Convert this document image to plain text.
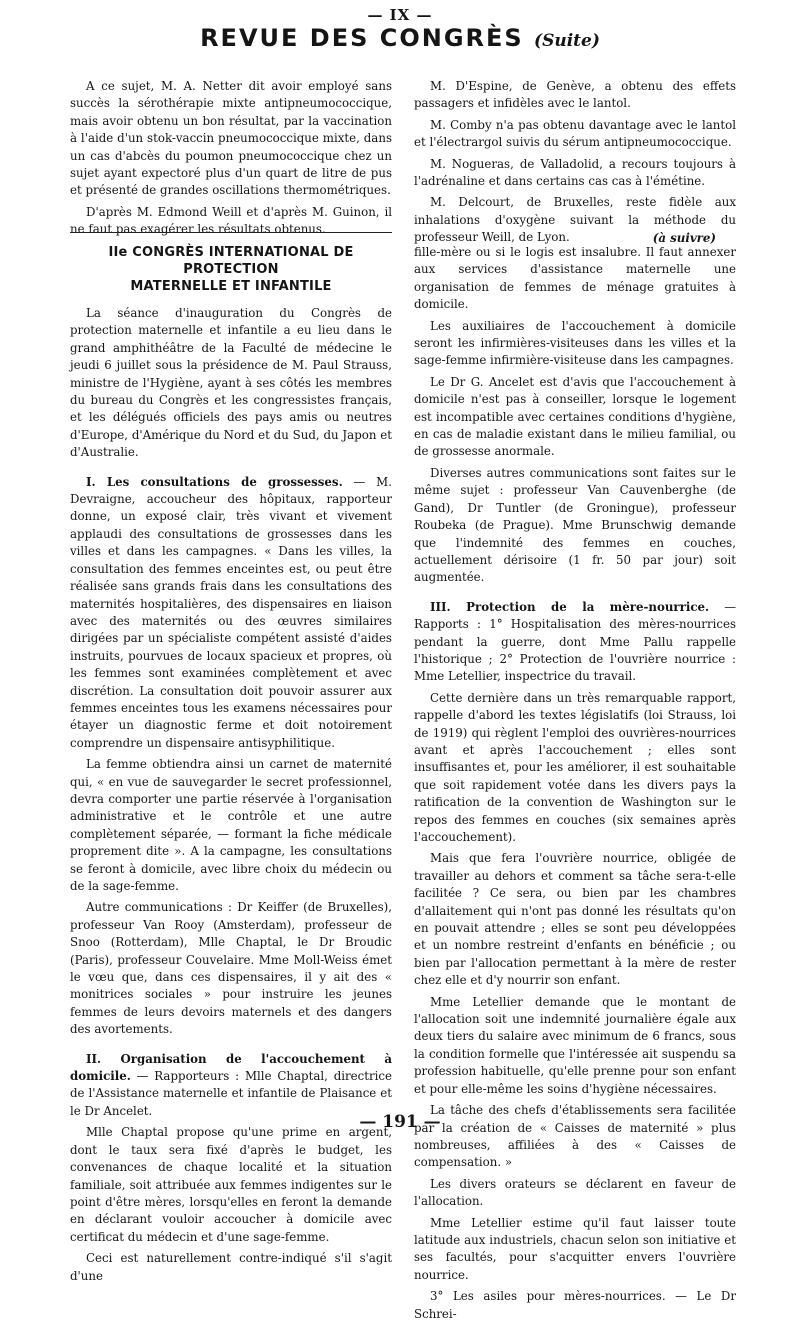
— IX —
REVUE DES CONGRÈS (Suite)

A ce sujet, M. A. Netter dit avoir employé sans succès la sérothérapie mixte antipneumococcique, mais avoir obtenu un bon résultat, par la vaccination à l'aide d'un stok-vaccin pneumococcique mixte, dans un cas d'abcès du poumon pneumococcique chez un sujet ayant expectoré plus d'un quart de litre de pus et présenté de grandes oscillations thermométriques.

D'après M. Edmond Weill et d'après M. Guinon, il ne faut pas exagérer les résultats obtenus.

M. D'Espine, de Genève, a obtenu des effets passagers et infidèles avec le lantol.

M. Comby n'a pas obtenu davantage avec le lantol et l'électrargol suivis du sérum antipneumococcique.

M. Nogueras, de Valladolid, a recours toujours à l'adrénaline et dans certains cas cas à l'émétine.

M. Delcourt, de Bruxelles, reste fidèle aux inhalations d'oxygène suivant la méthode du professeur Weill, de Lyon.	(à suivre)
IIe CONGRÈS INTERNATIONAL DE PROTECTION
MATERNELLE ET INFANTILE

La séance d'inauguration du Congrès de protection maternelle et infantile a eu lieu dans le grand amphithéâtre de la Faculté de médecine le jeudi 6 juillet sous la présidence de M. Paul Strauss, ministre de l'Hygiène, ayant à ses côtés les membres du bureau du Congrès et les congressistes français, et les délégués officiels des pays amis ou neutres d'Europe, d'Amérique du Nord et du Sud, du Japon et d'Australie.

I. Les consultations de grossesses. — M. Devraigne, accoucheur des hôpitaux, rapporteur donne, un exposé clair, très vivant et vivement applaudi des consultations de grossesses dans les villes et dans les campagnes. « Dans les villes, la consultation des femmes enceintes est, ou peut être réalisée sans grands frais dans les consultations des maternités hospitalières, des dispensaires en liaison avec des maternités ou des œuvres similaires dirigées par un spécialiste compétent assisté d'aides instruits, pourvues de locaux spacieux et propres, où les femmes sont examinées complètement et avec discrétion. La consultation doit pouvoir assurer aux femmes enceintes tous les examens nécessaires pour étayer un diagnostic ferme et doit notoirement comprendre un dispensaire antisyphilitique.

La femme obtiendra ainsi un carnet de maternité qui, « en vue de sauvegarder le secret professionnel, devra comporter une partie réservée à l'organisation administrative et le contrôle et une autre complètement séparée, — formant la fiche médicale proprement dite ». A la campagne, les consultations se feront à domicile, avec libre choix du médecin ou de la sage-femme.

Autre communications : Dr Keiffer (de Bruxelles), professeur Van Rooy (Amsterdam), professeur de Snoo (Rotterdam), Mlle Chaptal, le Dr Broudic (Paris), professeur Couvelaire. Mme Moll-Weiss émet le vœu que, dans ces dispensaires, il y ait des « monitrices sociales » pour instruire les jeunes femmes de leurs devoirs maternels et des dangers des avortements.

II. Organisation de l'accouchement à domicile. — Rapporteurs : Mlle Chaptal, directrice de l'Assistance maternelle et infantile de Plaisance et le Dr Ancelet.

Mlle Chaptal propose qu'une prime en argent, dont le taux sera fixé d'après le budget, les convenances de chaque localité et la situation familiale, soit attribuée aux femmes indigentes sur le point d'être mères, lorsqu'elles en feront la demande en déclarant vouloir accoucher à domicile avec certificat du médecin et d'une sage-femme.

Ceci est naturellement contre-indiqué s'il s'agit d'une

fille-mère ou si le logis est insalubre. Il faut annexer aux services d'assistance maternelle une organisation de femmes de ménage gratuites à domicile.

Les auxiliaires de l'accouchement à domicile seront les infirmières-visiteuses dans les villes et la sage-femme infirmière-visiteuse dans les campagnes.

Le Dr G. Ancelet est d'avis que l'accouchement à domicile n'est pas à conseiller, lorsque le logement est incompatible avec certaines conditions d'hygiène, en cas de maladie existant dans le milieu familial, ou de grossesse anormale.

Diverses autres communications sont faites sur le même sujet : professeur Van Cauvenberghe (de Gand), Dr Tuntler (de Groningue), professeur Roubeka (de Prague). Mme Brunschwig demande que l'indemnité des femmes en couches, actuellement dérisoire (1 fr. 50 par jour) soit augmentée.

III. Protection de la mère-nourrice. — Rapports : 1° Hospitalisation des mères-nourrices pendant la guerre, dont Mme Pallu rappelle l'historique ; 2° Protection de l'ouvrière nourrice : Mme Letellier, inspectrice du travail.

Cette dernière dans un très remarquable rapport, rappelle d'abord les textes législatifs (loi Strauss, loi de 1919) qui règlent l'emploi des ouvrières-nourrices avant et après l'accouchement ; elles sont insuffisantes et, pour les améliorer, il est souhaitable que soit rapidement votée dans les divers pays la ratification de la convention de Washington sur le repos des femmes en couches (six semaines après l'accouchement).

Mais que fera l'ouvrière nourrice, obligée de travailler au dehors et comment sa tâche sera-t-elle facilitée ? Ce sera, ou bien par les chambres d'allaitement qui n'ont pas donné les résultats qu'on en pouvait attendre ; elles se sont peu développées et un nombre restreint d'enfants en bénéficie ; ou bien par l'allocation permettant à la mère de rester chez elle et d'y nourrir son enfant.

Mme Letellier demande que le montant de l'allocation soit une indemnité journalière égale aux deux tiers du salaire avec minimum de 6 francs, sous la condition formelle que l'intéressée ait suspendu sa profession habituelle, qu'elle prenne pour son enfant et pour elle-même les soins d'hygiène nécessaires.

La tâche des chefs d'établissements sera facilitée par la création de « Caisses de maternité » plus nombreuses, affiliées à des « Caisses de compensation. »

Les divers orateurs se déclarent en faveur de l'allocation.

Mme Letellier estime qu'il faut laisser toute latitude aux industriels, chacun selon son initiative et ses facultés, pour s'acquitter envers l'ouvrière nourrice.

3° Les asiles pour mères-nourrices. — Le Dr Schrei-

— 191 —
